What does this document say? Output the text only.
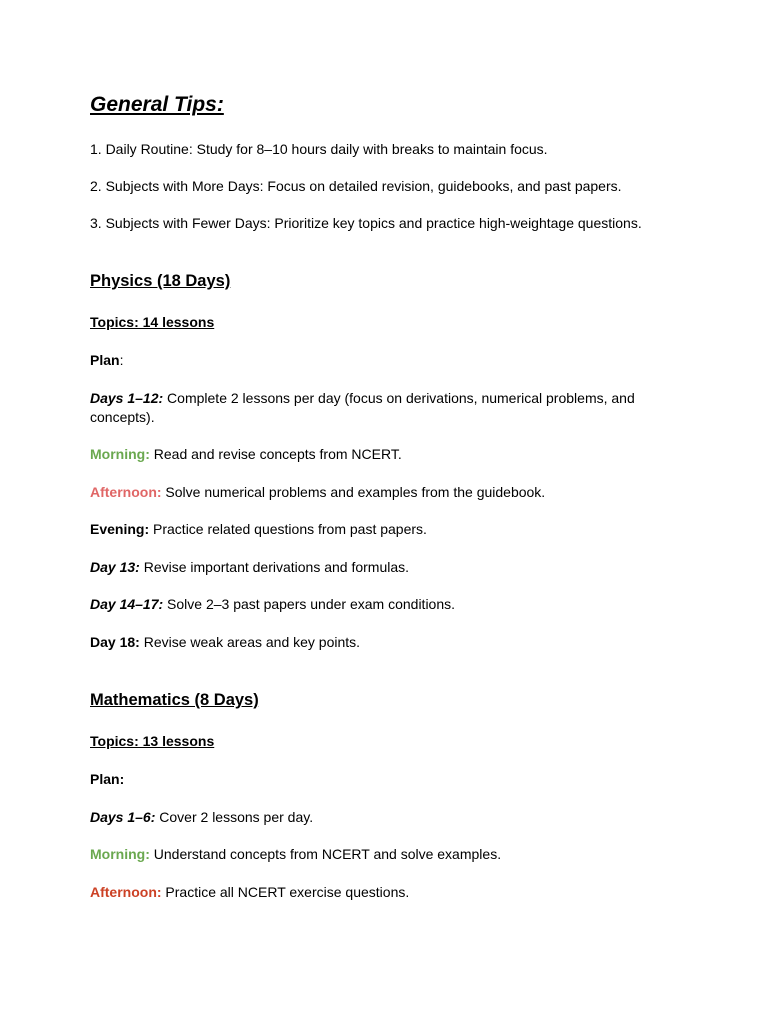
General Tips:
1. Daily Routine: Study for 8–10 hours daily with breaks to maintain focus.
2. Subjects with More Days: Focus on detailed revision, guidebooks, and past papers.
3. Subjects with Fewer Days: Prioritize key topics and practice high-weightage questions.
Physics (18 Days)
Topics: 14 lessons
Plan:
Days 1–12: Complete 2 lessons per day (focus on derivations, numerical problems, and concepts).
Morning: Read and revise concepts from NCERT.
Afternoon: Solve numerical problems and examples from the guidebook.
Evening: Practice related questions from past papers.
Day 13: Revise important derivations and formulas.
Day 14–17: Solve 2–3 past papers under exam conditions.
Day 18: Revise weak areas and key points.
Mathematics (8 Days)
Topics: 13 lessons
Plan:
Days 1–6: Cover 2 lessons per day.
Morning: Understand concepts from NCERT and solve examples.
Afternoon: Practice all NCERT exercise questions.
